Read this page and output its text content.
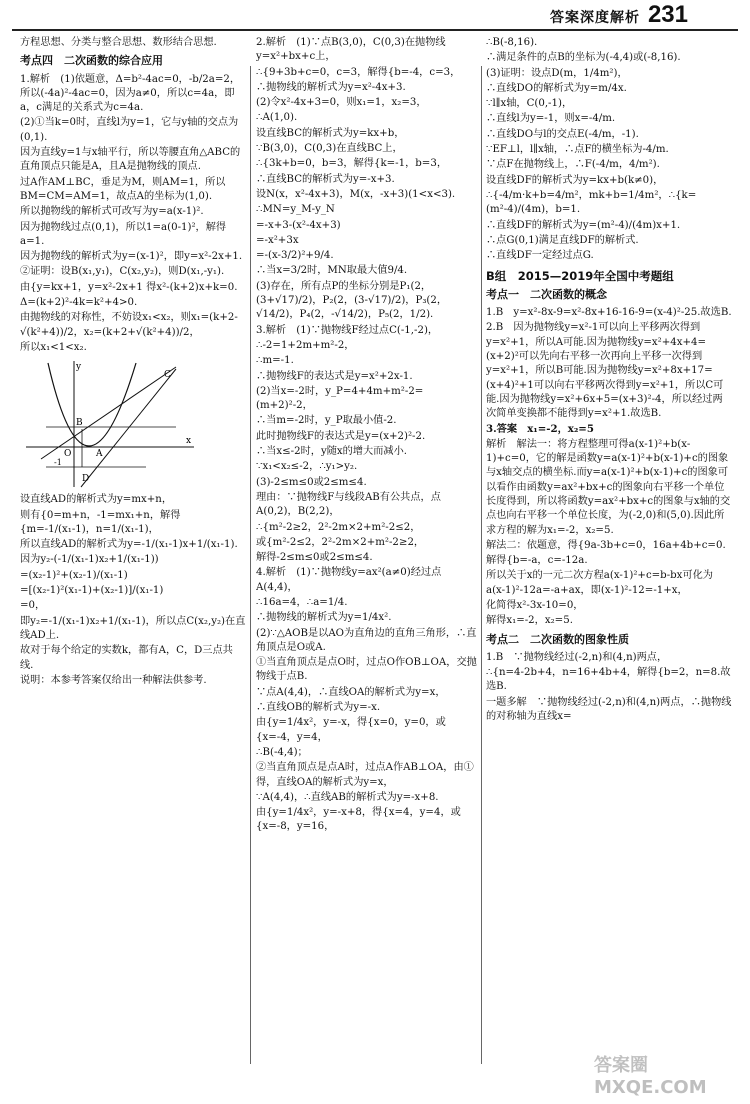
答案深度解析 231

方程思想、分类与整合思想、数形结合思想.

考点四　二次函数的综合应用

1.解析　(1)依题意，Δ=b²-4ac=0，-b/2a=2，所以(-4a)²-4ac=0，因为a≠0，所以c=4a，即a，c满足的关系式为c=4a.

(2)①当k=0时，直线l为y=1，它与y轴的交点为(0,1).

因为直线y=1与x轴平行，所以等腰直角△ABC的直角顶点只能是A，且A是抛物线的顶点.

过A作AM⊥BC，垂足为M，则AM=1，所以BM=CM=AM=1，故点A的坐标为(1,0).

所以抛物线的解析式可改写为y=a(x-1)².

因为抛物线过点(0,1)，所以1=a(0-1)²，解得a=1.

因为抛物线的解析式为y=(x-1)²，即y=x²-2x+1.

②证明：设B(x₁,y₁)，C(x₂,y₂)，则D(x₁,-y₁).

由{y=kx+1，y=x²-2x+1 得x²-(k+2)x+k=0.

Δ=(k+2)²-4k=k²+4>0.

由抛物线的对称性，不妨设x₁<x₂，则x₁=(k+2-√(k²+4))/2，x₂=(k+2+√(k²+4))/2，

所以x₁<1<x₂.

C
B
O	A
D
x
y
-1

设直线AD的解析式为y=mx+n，

则有{0=m+n，-1=mx₁+n，解得{m=-1/(x₁-1)，n=1/(x₁-1)，

所以直线AD的解析式为y=-1/(x₁-1)x+1/(x₁-1).

因为y₂-(-1/(x₁-1)x₂+1/(x₁-1))

=(x₂-1)²+(x₂-1)/(x₁-1)

=[(x₂-1)²(x₁-1)+(x₂-1)]/(x₁-1)

=0，

即y₂=-1/(x₁-1)x₂+1/(x₁-1)，所以点C(x₂,y₂)在直线AD上.

故对于每个给定的实数k，都有A，C，D三点共线.

说明：本参考答案仅给出一种解法供参考.

2.解析　(1)∵点B(3,0)，C(0,3)在抛物线y=x²+bx+c上，

∴{9+3b+c=0，c=3，解得{b=-4，c=3，

∴抛物线的解析式为y=x²-4x+3.

(2)令x²-4x+3=0，则x₁=1，x₂=3，

∴A(1,0).

设直线BC的解析式为y=kx+b，

∵B(3,0)，C(0,3)在直线BC上，

∴{3k+b=0，b=3，解得{k=-1，b=3，

∴直线BC的解析式为y=-x+3.

设N(x，x²-4x+3)，M(x，-x+3)(1<x<3).

∴MN=y_M-y_N

=-x+3-(x²-4x+3)

=-x²+3x

=-(x-3/2)²+9/4.

∴当x=3/2时，MN取最大值9/4.

(3)存在，所有点P的坐标分别是P₁(2，(3+√17)/2)，P₂(2，(3-√17)/2)，P₃(2，√14/2)，P₄(2，-√14/2)，P₅(2，1/2).

3.解析　(1)∵抛物线F经过点C(-1,-2)，

∴-2=1+2m+m²-2，

∴m=-1.

∴抛物线F的表达式是y=x²+2x-1.

(2)当x=-2时，y_P=4+4m+m²-2=(m+2)²-2，

∴当m=-2时，y_P取最小值-2.

此时抛物线F的表达式是y=(x+2)²-2.

∴当x≤-2时，y随x的增大而减小.

∵x₁<x₂≤-2，∴y₁>y₂.

(3)-2≤m≤0或2≤m≤4.

理由：∵抛物线F与线段AB有公共点，点A(0,2)，B(2,2)，

∴{m²-2≥2，2²-2m×2+m²-2≤2，

或{m²-2≤2，2²-2m×2+m²-2≥2，

解得-2≤m≤0或2≤m≤4.

4.解析　(1)∵抛物线y=ax²(a≠0)经过点A(4,4)，

∴16a=4，∴a=1/4.

∴抛物线的解析式为y=1/4x².

(2)∵△AOB是以AO为直角边的直角三角形，∴直角顶点是O或A.

①当直角顶点是点O时，过点O作OB⊥OA，交抛物线于点B.

∵点A(4,4)，∴直线OA的解析式为y=x，

∴直线OB的解析式为y=-x.

由{y=1/4x²，y=-x，得{x=0，y=0，或{x=-4，y=4，

∴B(-4,4)；

②当直角顶点是点A时，过点A作AB⊥OA，由①得，直线OA的解析式为y=x，

∵A(4,4)，∴直线AB的解析式为y=-x+8.

由{y=1/4x²，y=-x+8，得{x=4，y=4，或{x=-8，y=16，

∴B(-8,16).

∴满足条件的点B的坐标为(-4,4)或(-8,16).

(3)证明：设点D(m，1/4m²)，

∴直线DO的解析式为y=m/4x.

∵l∥x轴，C(0,-1)，

∴直线l为y=-1，则x=-4/m.

∴直线DO与l的交点E(-4/m，-1).

∵EF⊥l，l∥x轴，∴点F的横坐标为-4/m.

∵点F在抛物线上，∴F(-4/m，4/m²).

设直线DF的解析式为y=kx+b(k≠0)，

∴{-4/m·k+b=4/m²，mk+b=1/4m²，∴{k=(m²-4)/(4m)，b=1.

∴直线DF的解析式为y=(m²-4)/(4m)x+1.

∴点G(0,1)满足直线DF的解析式.

∴直线DF一定经过点G.

B组　2015—2019年全国中考题组

考点一　二次函数的概念

1.B　y=x²-8x-9=x²-8x+16-16-9=(x-4)²-25.故选B.

2.B　因为抛物线y=x²-1可以向上平移两次得到y=x²+1，所以A可能.因为抛物线y=x²+4x+4=(x+2)²可以先向右平移一次再向上平移一次得到y=x²+1，所以B可能.因为抛物线y=x²+8x+17=(x+4)²+1可以向右平移两次得到y=x²+1，所以C可能.因为抛物线y=x²+6x+5=(x+3)²-4，所以经过两次简单变换都不能得到y=x²+1.故选B.

3.答案　x₁=-2，x₂=5

解析　解法一：将方程整理可得a(x-1)²+b(x-1)+c=0，它的解是函数y=a(x-1)²+b(x-1)+c的图象与x轴交点的横坐标.而y=a(x-1)²+b(x-1)+c的图象可以看作由函数y=ax²+bx+c的图象向右平移一个单位长度得到，所以将函数y=ax²+bx+c的图象与x轴的交点也向右平移一个单位长度，为(-2,0)和(5,0).因此所求方程的解为x₁=-2，x₂=5.

解法二：依题意，得{9a-3b+c=0，16a+4b+c=0.

解得{b=-a，c=-12a.

所以关于x的一元二次方程a(x-1)²+c=b-bx可化为a(x-1)²-12a=-a+ax，即(x-1)²-12=-1+x，

化简得x²-3x-10=0，

解得x₁=-2，x₂=5.

考点二　二次函数的图象性质

1.B　∵抛物线经过(-2,n)和(4,n)两点，

∴{n=4-2b+4，n=16+4b+4，解得{b=2，n=8.故选B.

一题多解　∵抛物线经过(-2,n)和(4,n)两点，∴抛物线的对称轴为直线x=

答案圈 MXQE.COM
